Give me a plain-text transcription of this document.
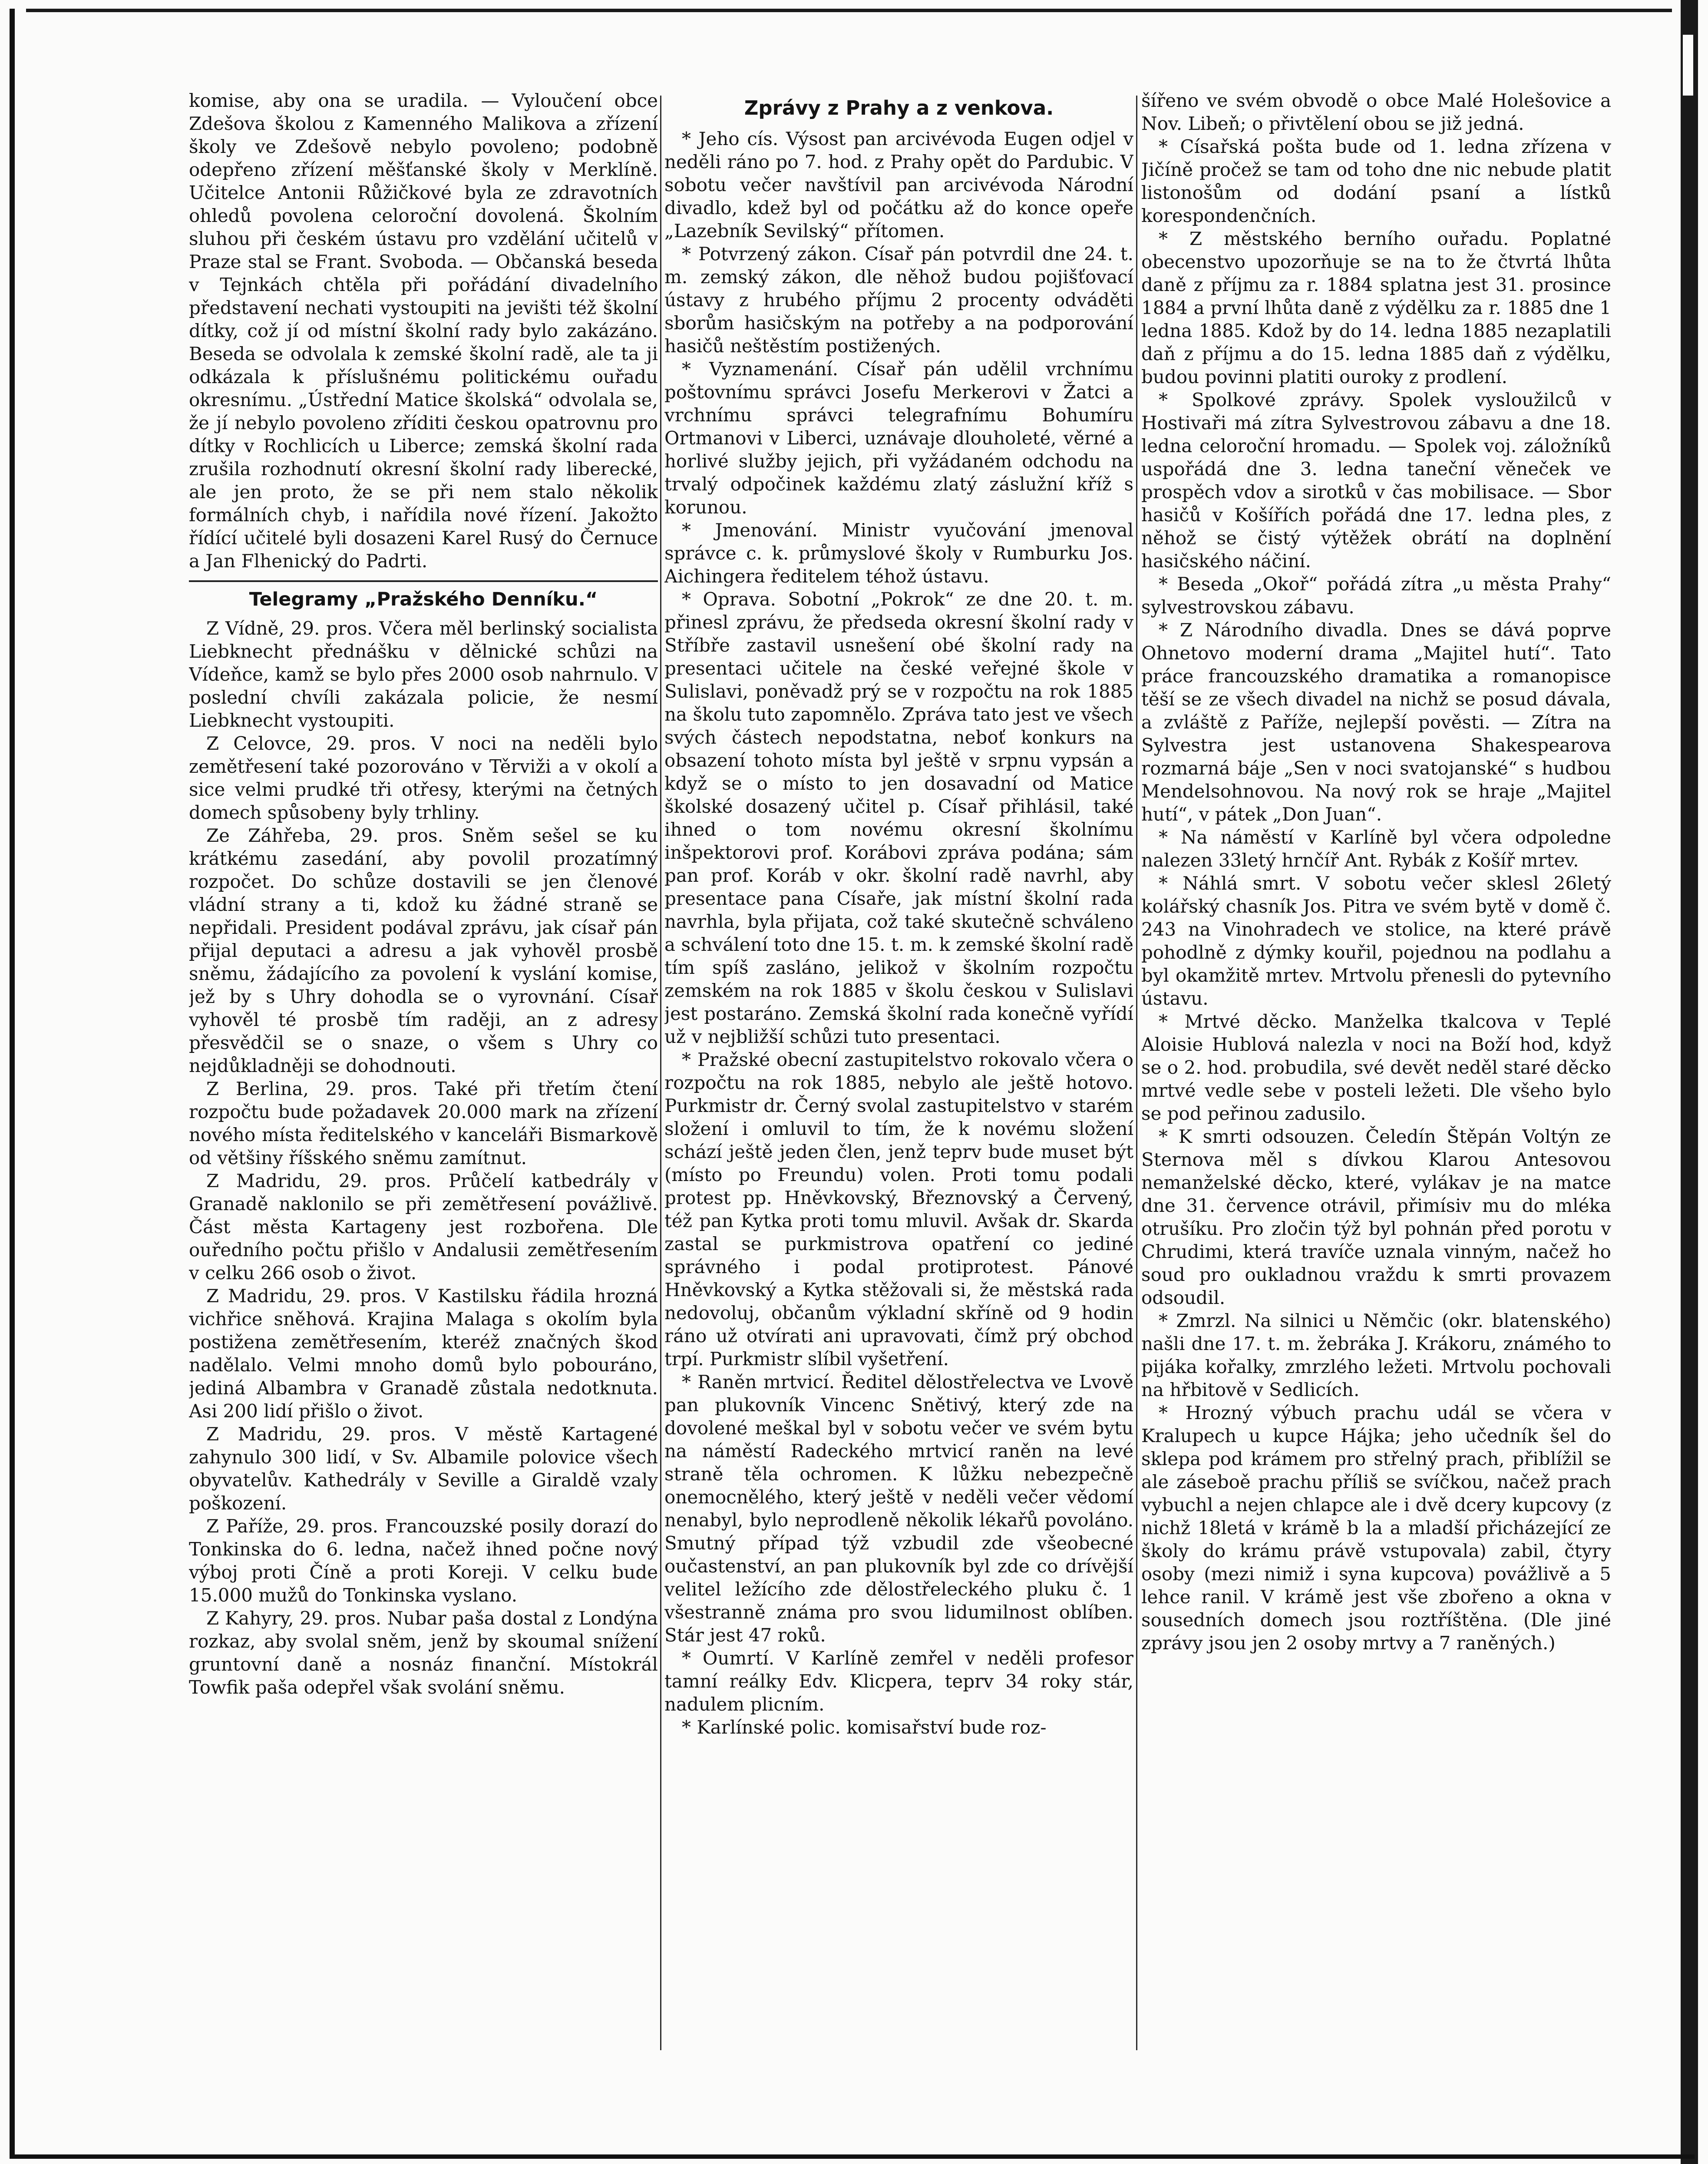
komise, aby ona se uradila. — Vyloučení obce Zdešova školou z Kamenného Malikova a zřízení školy ve Zdešově nebylo povoleno; podobně odepřeno zřízení měšťanské školy v Merklíně. Učitelce Antonii Růžičkové byla ze zdravotních ohledů povolena celoroční dovolená. Školním sluhou při českém ústavu pro vzdělání učitelů v Praze stal se Frant. Svoboda. — Občanská beseda v Tejnkách chtěla při pořádání divadelního představení nechati vystoupiti na jevišti též školní dítky, což jí od místní školní rady bylo zakázáno. Beseda se odvolala k zemské školní radě, ale ta ji odkázala k příslušnému politickému ouřadu okresnímu. „Ústřední Matice školská“ odvolala se, že jí nebylo povoleno zříditi českou opatrovnu pro dítky v Rochlicích u Liberce; zemská školní rada zrušila rozhodnutí okresní školní rady liberecké, ale jen proto, že se při nem stalo několik formálních chyb, i nařídila nové řízení. Jakožto řídící učitelé byli dosazeni Karel Rusý do Černuce a Jan Flhenický do Padrti.

Telegramy „Pražského Denníku.“

Z Vídně, 29. pros. Včera měl berlinský socialista Liebknecht přednášku v dělnické schůzi na Vídeňce, kamž se bylo přes 2000 osob nahrnulo. V poslední chvíli zakázala policie, že nesmí Liebknecht vystoupiti.

Z Celovce, 29. pros. V noci na neděli bylo zemětřesení také pozorováno v Těrviži a v okolí a sice velmi prudké tři otřesy, kterými na četných domech spůsobeny byly trhliny.

Ze Záhřeba, 29. pros. Sněm sešel se ku krátkému zasedání, aby povolil prozatímný rozpočet. Do schůze dostavili se jen členové vládní strany a ti, kdož ku žádné straně se nepřidali. President podával zprávu, jak císař pán přijal deputaci a adresu a jak vyhověl prosbě sněmu, žádajícího za povolení k vyslání komise, jež by s Uhry dohodla se o vyrovnání. Císař vyhověl té prosbě tím raději, an z adresy přesvědčil se o snaze, o všem s Uhry co nejdůkladněji se dohodnouti.

Z Berlina, 29. pros. Také při třetím čtení rozpočtu bude požadavek 20.000 mark na zřízení nového místa ředitelského v kanceláři Bismarkově od většiny říšského sněmu zamítnut.

Z Madridu, 29. pros. Průčelí katbedrály v Granadě naklonilo se při zemětřesení povážlivě. Část města Kartageny jest rozbořena. Dle ouředního počtu přišlo v Andalusii zemětřesením v celku 266 osob o život.

Z Madridu, 29. pros. V Kastilsku řádila hrozná vichřice sněhová. Krajina Malaga s okolím byla postižena zemětřesením, kteréž značných škod nadělalo. Velmi mnoho domů bylo pobouráno, jediná Albambra v Granadě zůstala nedotknuta. Asi 200 lidí přišlo o život.

Z Madridu, 29. pros. V městě Kartagené zahynulo 300 lidí, v Sv. Albamile polovice všech obyvatelův. Kathedrály v Seville a Giraldě vzaly poškození.

Z Paříže, 29. pros. Francouzské posily dorazí do Tonkinska do 6. ledna, načež ihned počne nový výboj proti Číně a proti Koreji. V celku bude 15.000 mužů do Tonkinska vyslano.

Z Kahyry, 29. pros. Nubar paša dostal z Londýna rozkaz, aby svolal sněm, jenž by skoumal snížení gruntovní daně a nosnáz finanční. Místokrál Towfik paša odepřel však svolání sněmu.

Zprávy z Prahy a z venkova.

* Jeho cís. Výsost pan arcivévoda Eugen odjel v neděli ráno po 7. hod. z Prahy opět do Pardubic. V sobotu večer navštívil pan arcivévoda Národní divadlo, kdež byl od počátku až do konce opeře „Lazebník Sevilský“ přítomen.

* Potvrzený zákon. Císař pán potvrdil dne 24. t. m. zemský zákon, dle něhož budou pojišťovací ústavy z hrubého příjmu 2 procenty odváděti sborům hasičským na potřeby a na podporování hasičů neštěstím postižených.

* Vyznamenání. Císař pán udělil vrchnímu poštovnímu správci Josefu Merkerovi v Žatci a vrchnímu správci telegrafnímu Bohumíru Ortmanovi v Liberci, uznávaje dlouholeté, věrné a horlivé služby jejich, při vyžádaném odchodu na trvalý odpočinek každému zlatý záslužní kříž s korunou.

* Jmenování. Ministr vyučování jmenoval správce c. k. průmyslové školy v Rumburku Jos. Aichingera ředitelem téhož ústavu.

* Oprava. Sobotní „Pokrok“ ze dne 20. t. m. přinesl zprávu, že předseda okresní školní rady v Stříbře zastavil usnešení obé školní rady na presentaci učitele na české veřejné škole v Sulislavi, poněvadž prý se v rozpočtu na rok 1885 na školu tuto zapomnělo. Zpráva tato jest ve všech svých částech nepodstatna, neboť konkurs na obsazení tohoto místa byl ještě v srpnu vypsán a když se o místo to jen dosavadní od Matice školské dosazený učitel p. Císař přihlásil, také ihned o tom novému okresní školnímu inšpektorovi prof. Korábovi zpráva podána; sám pan prof. Koráb v okr. školní radě navrhl, aby presentace pana Císaře, jak místní školní rada navrhla, byla přijata, což také skutečně schváleno a schválení toto dne 15. t. m. k zemské školní radě tím spíš zasláno, jelikož v školním rozpočtu zemském na rok 1885 v školu českou v Sulislavi jest postaráno. Zemská školní rada konečně vyřídí už v nejbližší schůzi tuto presentaci.

* Pražské obecní zastupitelstvo rokovalo včera o rozpočtu na rok 1885, nebylo ale ještě hotovo. Purkmistr dr. Černý svolal zastupitelstvo v starém složení i omluvil to tím, že k novému složení schází ještě jeden člen, jenž teprv bude muset být (místo po Freundu) volen. Proti tomu podali protest pp. Hněvkovský, Březnovský a Červený, též pan Kytka proti tomu mluvil. Avšak dr. Skarda zastal se purkmistrova opatření co jediné správného i podal protiprotest. Pánové Hněvkovský a Kytka stěžovali si, že městská rada nedovoluj, občanům výkladní skříně od 9 hodin ráno už otvírati ani upravovati, čímž prý obchod trpí. Purkmistr slíbil vyšetření.

* Raněn mrtvicí. Ředitel dělostřelectva ve Lvově pan plukovník Vincenc Snětivý, který zde na dovolené meškal byl v sobotu večer ve svém bytu na náměstí Radeckého mrtvicí raněn na levé straně těla ochromen. K lůžku nebezpečně onemocnělého, který ještě v neděli večer vědomí nenabyl, bylo neprodleně několik lékařů povoláno. Smutný případ týž vzbudil zde všeobecné oučastenství, an pan plukovník byl zde co drívější velitel ležícího zde dělostřeleckého pluku č. 1 všestranně známa pro svou lidumilnost oblíben. Stár jest 47 roků.

* Oumrtí. V Karlíně zemřel v neděli profesor tamní reálky Edv. Klicpera, teprv 34 roky stár, nadulem plicním.

* Karlínské polic. komisařství bude roz-

šířeno ve svém obvodě o obce Malé Holešovice a Nov. Libeň; o přivtělení obou se již jedná.

* Císařská pošta bude od 1. ledna zřízena v Jičíně pročež se tam od toho dne nic nebude platit listonošům od dodání psaní a lístků korespondenčních.

* Z městského berního ouřadu. Poplatné obecenstvo upozorňuje se na to že čtvrtá lhůta daně z příjmu za r. 1884 splatna jest 31. prosince 1884 a první lhůta daně z výdělku za r. 1885 dne 1 ledna 1885. Kdož by do 14. ledna 1885 nezaplatili daň z příjmu a do 15. ledna 1885 daň z výdělku, budou povinni platiti ouroky z prodlení.

* Spolkové zprávy. Spolek vysloužilců v Hostivaři má zítra Sylvestrovou zábavu a dne 18. ledna celoroční hromadu. — Spolek voj. záložníků uspořádá dne 3. ledna taneční věneček ve prospěch vdov a sirotků v čas mobilisace. — Sbor hasičů v Košířích pořádá dne 17. ledna ples, z něhož se čistý výtěžek obrátí na doplnění hasičského náčiní.

* Beseda „Okoř“ pořádá zítra „u města Prahy“ sylvestrovskou zábavu.

* Z Národního divadla. Dnes se dává poprve Ohnetovo moderní drama „Majitel hutí“. Tato práce francouzského dramatika a romanopisce těší se ze všech divadel na nichž se posud dávala, a zvláště z Paříže, nejlepší pověsti. — Zítra na Sylvestra jest ustanovena Shakespearova rozmarná báje „Sen v noci svatojanské“ s hudbou Mendelsohnovou. Na nový rok se hraje „Majitel hutí“, v pátek „Don Juan“.

* Na náměstí v Karlíně byl včera odpoledne nalezen 33letý hrnčíř Ant. Rybák z Košíř mrtev.

* Náhlá smrt. V sobotu večer sklesl 26letý kolářský chasník Jos. Pitra ve svém bytě v domě č. 243 na Vinohradech ve stolice, na které právě pohodlně z dýmky kouřil, pojednou na podlahu a byl okamžitě mrtev. Mrtvolu přenesli do pytevního ústavu.

* Mrtvé děcko. Manželka tkalcova v Teplé Aloisie Hublová nalezla v noci na Boží hod, když se o 2. hod. probudila, své devět neděl staré děcko mrtvé vedle sebe v posteli ležeti. Dle všeho bylo se pod peřinou zadusilo.

* K smrti odsouzen. Čeledín Štěpán Voltýn ze Sternova měl s dívkou Klarou Antesovou nemanželské děcko, které, vylákav je na matce dne 31. července otrávil, přimísiv mu do mléka otrušíku. Pro zločin týž byl pohnán před porotu v Chrudimi, která travíče uznala vinným, načež ho soud pro oukladnou vraždu k smrti provazem odsoudil.

* Zmrzl. Na silnici u Němčic (okr. blatenského) našli dne 17. t. m. žebráka J. Krákoru, známého to pijáka kořalky, zmrzlého ležeti. Mrtvolu pochovali na hřbitově v Sedlicích.

* Hrozný výbuch prachu udál se včera v Kralupech u kupce Hájka; jeho učedník šel do sklepa pod krámem pro střelný prach, přiblížil se ale záseboě prachu příliš se svíčkou, načež prach vybuchl a nejen chlapce ale i dvě dcery kupcovy (z nichž 18letá v krámě b la a mladší přicházející ze školy do krámu právě vstupovala) zabil, čtyry osoby (mezi nimiž i syna kupcova) povážlivě a 5 lehce ranil. V krámě jest vše zbořeno a okna v sousedních domech jsou roztříštěna. (Dle jiné zprávy jsou jen 2 osoby mrtvy a 7 raněných.)
